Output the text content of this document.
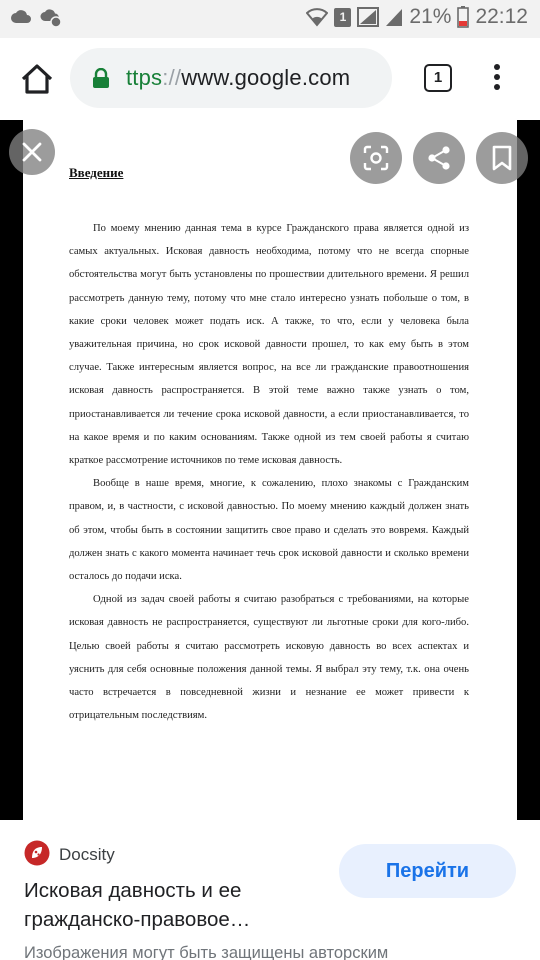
1	21% 22:12
ttps://www.google.com	1
Введение

По моему мнению данная тема в курсе Гражданского права является одной из самых актуальных. Исковая давность необходима, потому что не всегда спорные обстоятельства могут быть установлены по прошествии длительного времени. Я решил рассмотреть данную тему, потому что мне стало интересно узнать побольше о том, в какие сроки человек может подать иск. А также, то что, если у человека была уважительная причина, но срок исковой давности прошел, то как ему быть в этом случае. Также интересным является вопрос, на все ли гражданские правоотношения исковая давность распространяется. В этой теме важно также узнать о том, приостанавливается ли течение срока исковой давности, а если приостанавливается, то на какое время и по каким основаниям. Также одной из тем своей работы я считаю краткое рассмотрение источников по теме исковая давность.

Вообще в наше время, многие, к сожалению, плохо знакомы с Гражданским правом, и, в частности, с исковой давностью. По моему мнению каждый должен знать об этом, чтобы быть в состоянии защитить свое право и сделать это вовремя. Каждый должен знать с какого момента начинает течь срок исковой давности и сколько времени осталось до подачи иска.

Одной из задач своей работы я считаю разобраться с требованиями, на которые исковая давность не распространяется, существуют ли льготные сроки для кого-либо. Целью своей работы я считаю рассмотреть исковую давность во всех аспектах и уяснить для себя основные положения данной темы. Я выбрал эту тему, т.к. она очень часто встречается в повседневной жизни и незнание ее может привести к отрицательным последствиям.

Docsity
Исковая давность и ее гражданско-правовое…
Перейти
Изображения могут быть защищены авторским
